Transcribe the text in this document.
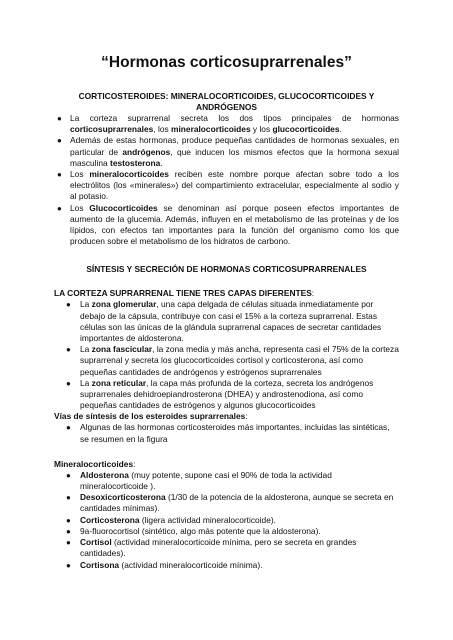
“Hormonas corticosuprarrenales”
CORTICOSTEROIDES: MINERALOCORTICOIDES, GLUCOCORTICOIDES Y
ANDRÓGENOS
● La corteza suprarrenal secreta los dos tipos principales de hormonas corticosuprarrenales, los mineralocorticoides y los glucocorticoides.
● Además de estas hormonas, produce pequeñas cantidades de hormonas sexuales, en particular de andrógenos, que inducen los mismos efectos que la hormona sexual masculina testosterona.
● Los mineralocorticoides reciben este nombre porque afectan sobre todo a los electrólitos (los «minerales») del compartimiento extracelular, especialmente al sodio y al potasio.
● Los Glucocorticoides se denominan así porque poseen efectos importantes de aumento de la glucemia. Además, influyen en el metabolismo de las proteínas y de los lípidos, con efectos tan importantes para la función del organismo como los que producen sobre el metabolismo de los hidratos de carbono.
SÍNTESIS Y SECRECIÓN DE HORMONAS CORTICOSUPRARRENALES

LA CORTEZA SUPRARRENAL TIENE TRES CAPAS DIFERENTES:

● La zona glomerular, una capa delgada de células situada inmediatamente por debajo de la cápsula, contribuye con casi el 15% a la corteza suprarrenal. Estas células son las únicas de la glándula suprarrenal capaces de secretar cantidades importantes de aldosterona.
● La zona fascicular, la zona media y más ancha, representa casi el 75% de la corteza suprarrenal y secreta los glucocorticoides cortisol y corticosterona, así como pequeñas cantidades de andrógenos y estrógenos suprarrenales
● La zona reticular, la capa más profunda de la corteza, secreta los andrógenos suprarrenales dehidroepiandrosterona (DHEA) y androstenodiona, así como pequeñas cantidades de estrógenos y algunos glucocorticoides

Vías de síntesis de los esteroides suprarrenales:

● Algunas de las hormonas corticosteroides más importantes, incluidas las sintéticas, se resumen en la figura

Mineralocorticoides:

● Aldosterona (muy potente, supone casi el 90% de toda la actividad mineralocorticoide ).
● Desoxicorticosterona (1/30 de la potencia de la aldosterona, aunque se secreta en cantidades mínimas).
● Corticosterona (ligera actividad mineralocorticoide).
● 9a-fluorocortisol (sintético, algo más potente que la aldosterona).
● Cortisol (actividad mineralocorticoide mínima, pero se secreta en grandes cantidades).
● Cortisona (actividad mineralocorticoide mínima).
